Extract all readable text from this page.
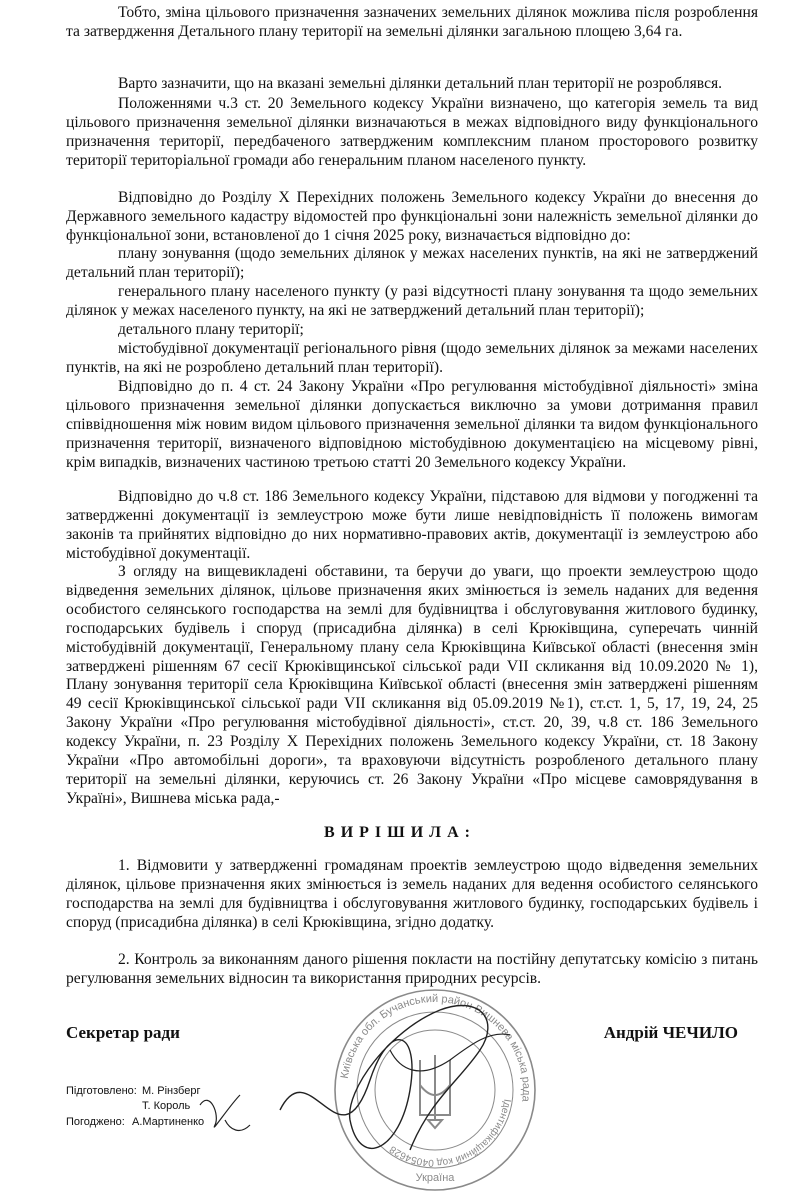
Тобто, зміна цільового призначення зазначених земельних ділянок можлива після розроблення та затвердження Детального плану території на земельні ділянки загальною площею 3,64 га.
Варто зазначити, що на вказані земельні ділянки детальний план території не розроблявся.
Положеннями ч.3 ст. 20 Земельного кодексу України визначено, що категорія земель та вид цільового призначення земельної ділянки визначаються в межах відповідного виду функціонального призначення території, передбаченого затвердженим комплексним планом просторового розвитку території територіальної громади або генеральним планом населеного пункту.
Відповідно до Розділу X Перехідних положень Земельного кодексу України до внесення до Державного земельного кадастру відомостей про функціональні зони належність земельної ділянки до функціональної зони, встановленої до 1 січня 2025 року, визначається відповідно до:
плану зонування (щодо земельних ділянок у межах населених пунктів, на які не затверджений детальний план території);
генерального плану населеного пункту (у разі відсутності плану зонування та щодо земельних ділянок у межах населеного пункту, на які не затверджений детальний план території);
детального плану території;
містобудівної документації регіонального рівня (щодо земельних ділянок за межами населених пунктів, на які не розроблено детальний план території).
Відповідно до п. 4 ст. 24 Закону України «Про регулювання містобудівної діяльності» зміна цільового призначення земельної ділянки допускається виключно за умови дотримання правил співвідношення між новим видом цільового призначення земельної ділянки та видом функціонального призначення території, визначеного відповідною містобудівною документацією на місцевому рівні, крім випадків, визначених частиною третьою статті 20 Земельного кодексу України.
Відповідно до ч.8 ст. 186 Земельного кодексу України, підставою для відмови у погодженні та затвердженні документації із землеустрою може бути лише невідповідність її положень вимогам законів та прийнятих відповідно до них нормативно-правових актів, документації із землеустрою або містобудівної документації.
З огляду на вищевикладені обставини, та беручи до уваги, що проекти землеустрою щодо відведення земельних ділянок, цільове призначення яких змінюється із земель наданих для ведення особистого селянського господарства на землі для будівництва і обслуговування житлового будинку, господарських будівель і споруд (присадибна ділянка) в селі Крюківщина, суперечать чинній містобудівній документації, Генеральному плану села Крюківщина Київської області (внесення змін затверджені рішенням 67 сесії Крюківщинської сільської ради VII скликання від 10.09.2020 № 1), Плану зонування території села Крюківщина Київської області (внесення змін затверджені рішенням 49 сесії Крюківщинської сільської ради VII скликання від 05.09.2019 №1), ст.ст. 1, 5, 17, 19, 24, 25 Закону України «Про регулювання містобудівної діяльності», ст.ст. 20, 39, ч.8 ст. 186 Земельного кодексу України, п. 23 Розділу X Перехідних положень Земельного кодексу України, ст. 18 Закону України «Про автомобільні дороги», та враховуючи відсутність розробленого детального плану території на земельні ділянки, керуючись ст. 26 Закону України «Про місцеве самоврядування в Україні», Вишнева міська рада,-
ВИРІШИЛА:
1. Відмовити у затвердженні громадянам проектів землеустрою щодо відведення земельних ділянок, цільове призначення яких змінюється із земель наданих для ведення особистого селянського господарства на землі для будівництва і обслуговування житлового будинку, господарських будівель і споруд (присадибна ділянка) в селі Крюківщина, згідно додатку.
2. Контроль за виконанням даного рішення покласти на постійну депутатську комісію з питань регулювання земельних відносин та використання природних ресурсів.
Секретар ради	Андрій ЧЕЧИЛО
Київська обл. Бучанський район Вишнева міська рада
Ідентифікаційний код 04054628
Україна
Підготовлено: М. Рінзберг
Т. Король
Погоджено: А.Мартиненко
